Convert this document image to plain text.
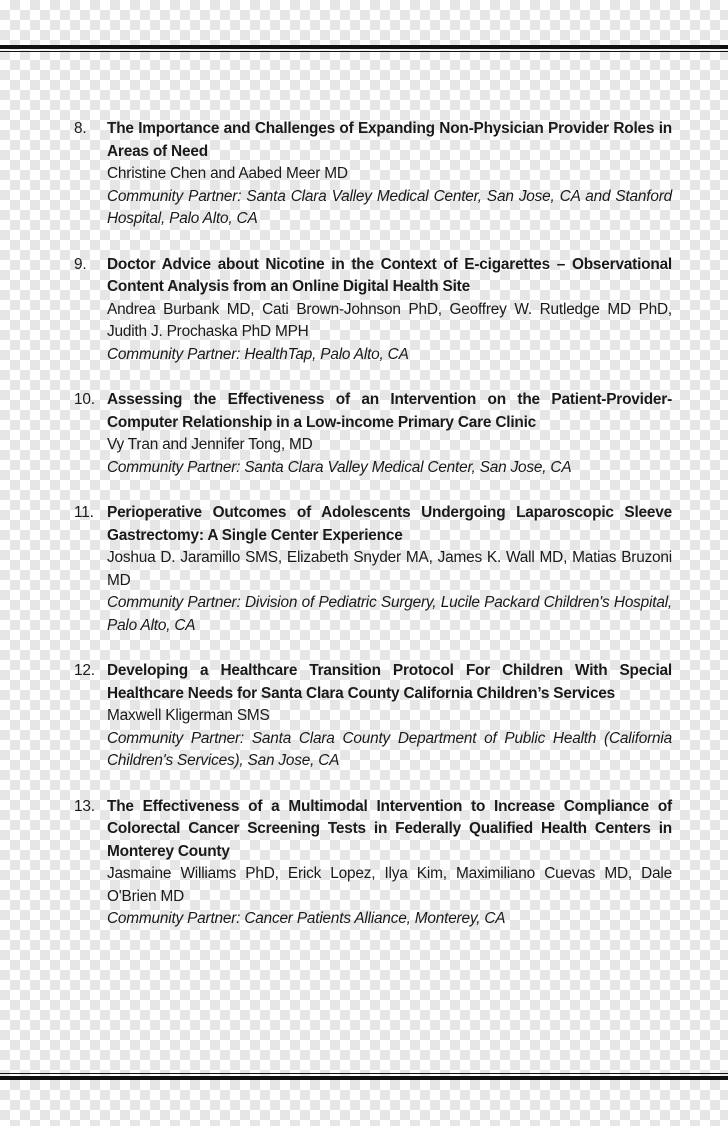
8. The Importance and Challenges of Expanding Non-Physician Provider Roles in Areas of Need
Christine Chen and Aabed Meer MD
Community Partner: Santa Clara Valley Medical Center, San Jose, CA and Stanford Hospital, Palo Alto, CA
9. Doctor Advice about Nicotine in the Context of E-cigarettes – Observational Content Analysis from an Online Digital Health Site
Andrea Burbank MD, Cati Brown-Johnson PhD, Geoffrey W. Rutledge MD PhD, Judith J. Prochaska PhD MPH
Community Partner: HealthTap, Palo Alto, CA
10. Assessing the Effectiveness of an Intervention on the Patient-Provider-Computer Relationship in a Low-income Primary Care Clinic
Vy Tran and Jennifer Tong, MD
Community Partner: Santa Clara Valley Medical Center, San Jose, CA
11. Perioperative Outcomes of Adolescents Undergoing Laparoscopic Sleeve Gastrectomy: A Single Center Experience
Joshua D. Jaramillo SMS, Elizabeth Snyder MA, James K. Wall MD, Matias Bruzoni MD
Community Partner: Division of Pediatric Surgery, Lucile Packard Children's Hospital, Palo Alto, CA
12. Developing a Healthcare Transition Protocol For Children With Special Healthcare Needs for Santa Clara County California Children’s Services
Maxwell Kligerman SMS
Community Partner: Santa Clara County Department of Public Health (California Children's Services), San Jose, CA
13. The Effectiveness of a Multimodal Intervention to Increase Compliance of Colorectal Cancer Screening Tests in Federally Qualified Health Centers in Monterey County
Jasmaine Williams PhD, Erick Lopez, Ilya Kim, Maximiliano Cuevas MD, Dale O'Brien MD
Community Partner: Cancer Patients Alliance, Monterey, CA
